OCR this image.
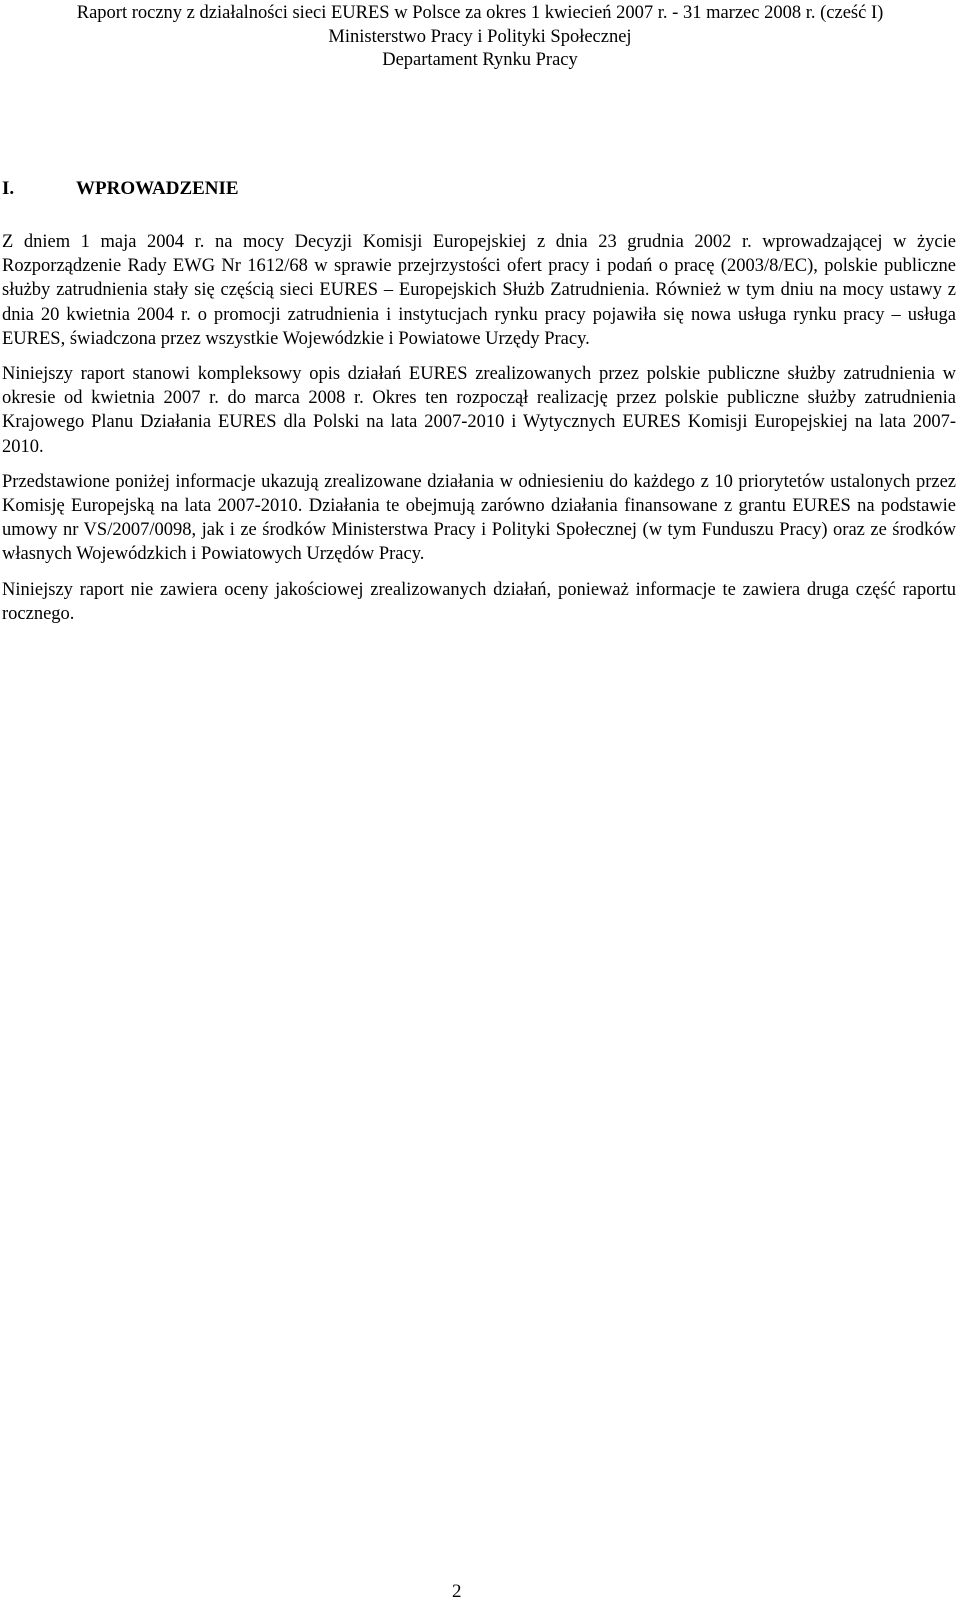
Raport roczny z działalności sieci EURES w Polsce za okres 1 kwiecień 2007 r. - 31 marzec 2008 r. (cześć I)
Ministerstwo Pracy i Polityki Społecznej
Departament Rynku Pracy
I.	WPROWADZENIE

Z dniem 1 maja 2004 r. na mocy Decyzji Komisji Europejskiej z dnia 23 grudnia 2002 r. wprowadzającej w życie Rozporządzenie Rady EWG Nr 1612/68 w sprawie przejrzystości ofert pracy i podań o pracę (2003/8/EC), polskie publiczne służby zatrudnienia stały się częścią sieci EURES – Europejskich Służb Zatrudnienia. Również w tym dniu na mocy ustawy z dnia 20 kwietnia 2004 r. o promocji zatrudnienia i instytucjach rynku pracy pojawiła się nowa usługa rynku pracy – usługa EURES, świadczona przez wszystkie Wojewódzkie i Powiatowe Urzędy Pracy.

Niniejszy raport stanowi kompleksowy opis działań EURES zrealizowanych przez polskie publiczne służby zatrudnienia w okresie od kwietnia 2007 r. do marca 2008 r. Okres ten rozpoczął realizację przez polskie publiczne służby zatrudnienia Krajowego Planu Działania EURES dla Polski na lata 2007-2010 i Wytycznych EURES Komisji Europejskiej na lata 2007-2010.

Przedstawione poniżej informacje ukazują zrealizowane działania w odniesieniu do każdego z 10 priorytetów ustalonych przez Komisję Europejską na lata 2007-2010. Działania te obejmują zarówno działania finansowane z grantu EURES na podstawie umowy nr VS/2007/0098, jak i ze środków Ministerstwa Pracy i Polityki Społecznej (w tym Funduszu Pracy) oraz ze środków własnych Wojewódzkich i Powiatowych Urzędów Pracy.

Niniejszy raport nie zawiera oceny jakościowej zrealizowanych działań, ponieważ informacje te zawiera druga część raportu rocznego.

2
